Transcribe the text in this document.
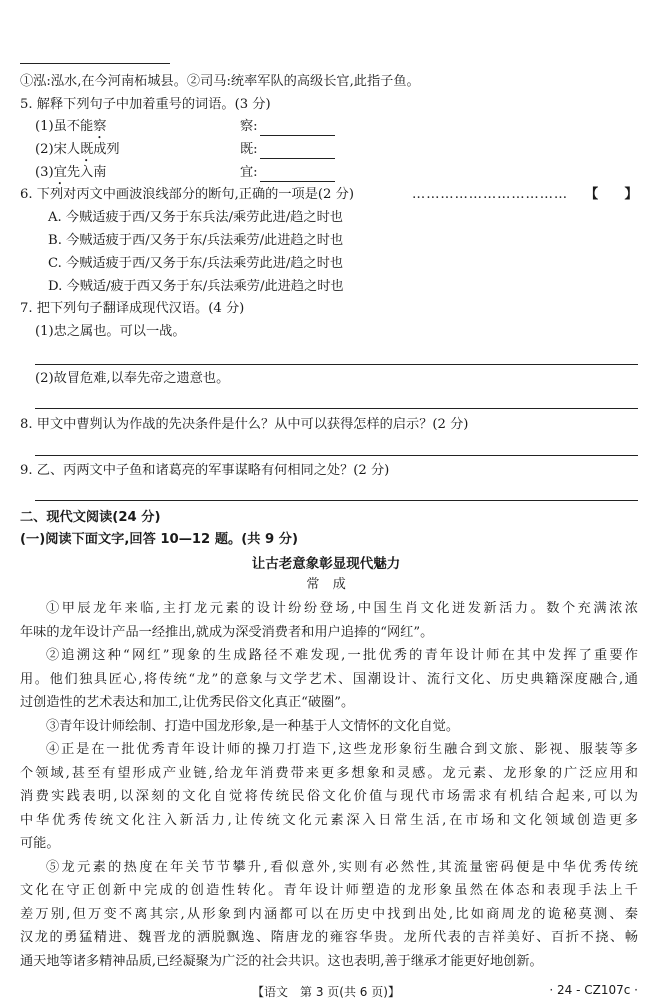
①泓:泓水,在今河南柘城县。②司马:统率军队的高级长官,此指子鱼。
5. 解释下列句子中加着重号的词语。(3 分)
(1)虽不能察	察:
(2)宋人既成列	既:
(3)宜先入南	宜:
6. 下列对丙文中画波浪线部分的断句,正确的一项是(2 分)	…………………………… 【　　】
A. 今贼适疲于西/又务于东兵法/乘劳此进/趋之时也
B. 今贼适疲于西/又务于东/兵法乘劳/此进趋之时也
C. 今贼适疲于西/又务于东/兵法乘劳此进/趋之时也
D. 今贼适/疲于西又务于东/兵法乘劳/此进趋之时也
7. 把下列句子翻译成现代汉语。(4 分)
(1)忠之属也。可以一战。
(2)故冒危难,以奉先帝之遗意也。
8. 甲文中曹刿认为作战的先决条件是什么？从中可以获得怎样的启示？(2 分)
9. 乙、丙两文中子鱼和诸葛亮的军事谋略有何相同之处？(2 分)
二、现代文阅读(24 分)
(一)阅读下面文字,回答 10—12 题。(共 9 分)
让古老意象彰显现代魅力
常　成
①甲辰龙年来临,主打龙元素的设计纷纷登场,中国生肖文化迸发新活力。数个充满浓浓
年味的龙年设计产品一经推出,就成为深受消费者和用户追捧的“网红”。
②追溯这种“网红”现象的生成路径不难发现,一批优秀的青年设计师在其中发挥了重要作
用。他们独具匠心,将传统“龙”的意象与文学艺术、国潮设计、流行文化、历史典籍深度融合,通
过创造性的艺术表达和加工,让优秀民俗文化真正“破圈”。
③青年设计师绘制、打造中国龙形象,是一种基于人文情怀的文化自觉。
④正是在一批优秀青年设计师的操刀打造下,这些龙形象衍生融合到文旅、影视、服装等多
个领域,甚至有望形成产业链,给龙年消费带来更多想象和灵感。龙元素、龙形象的广泛应用和
消费实践表明,以深刻的文化自觉将传统民俗文化价值与现代市场需求有机结合起来,可以为
中华优秀传统文化注入新活力,让传统文化元素深入日常生活,在市场和文化领域创造更多
可能。
⑤龙元素的热度在年关节节攀升,看似意外,实则有必然性,其流量密码便是中华优秀传统
文化在守正创新中完成的创造性转化。青年设计师塑造的龙形象虽然在体态和表现手法上千
差万别,但万变不离其宗,从形象到内涵都可以在历史中找到出处,比如商周龙的诡秘莫测、秦
汉龙的勇猛精进、魏晋龙的洒脱飘逸、隋唐龙的雍容华贵。龙所代表的吉祥美好、百折不挠、畅
通天地等诸多精神品质,已经凝聚为广泛的社会共识。这也表明,善于继承才能更好地创新。
【语文　第 3 页(共 6 页)】	· 24 - CZ107c ·
